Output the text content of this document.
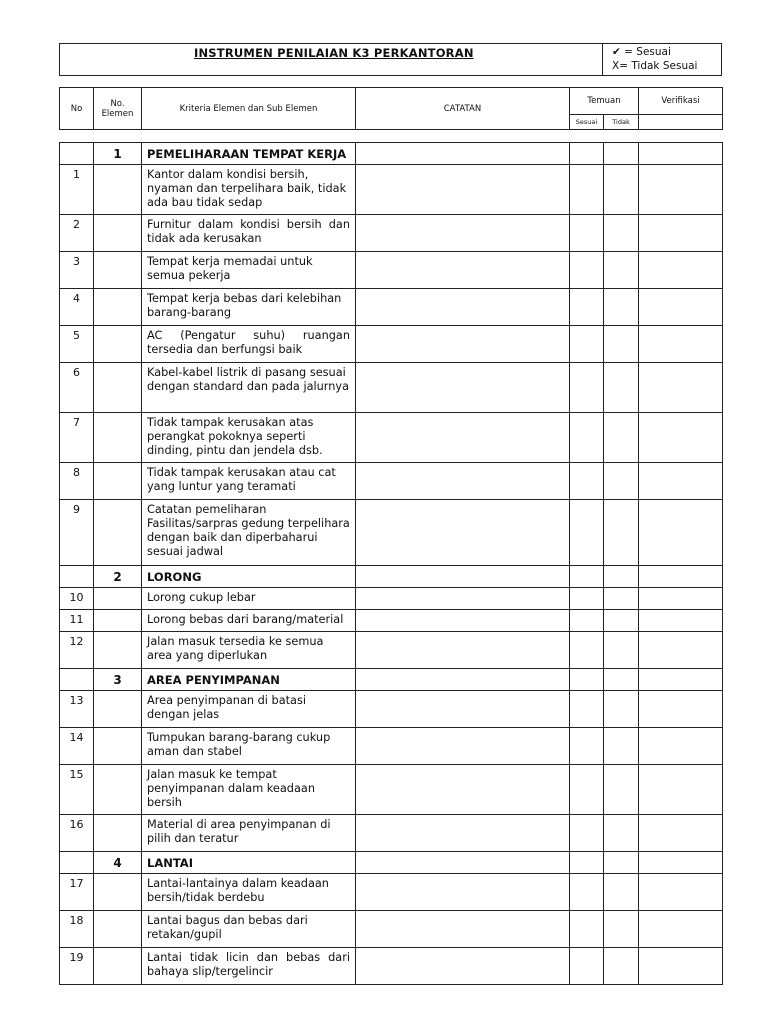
INSTRUMEN PENILAIAN K3 PERKANTORAN	✔ = Sesuai
X= Tidak Sesuai
No	No. Elemen	Kriteria Elemen dan Sub Elemen	CATATAN	Temuan		Verifikasi
				Sesuai	Tidak	
	1	PEMELIHARAAN TEMPAT KERJA				
1		Kantor dalam kondisi bersih, nyaman dan terpelihara baik, tidak ada bau tidak sedap				
2		Furnitur dalam kondisi bersih dan tidak ada kerusakan				
3		Tempat kerja memadai untuk semua pekerja				
4		Tempat kerja bebas dari kelebihan barang-barang				
5		AC (Pengatur suhu) ruangan tersedia dan berfungsi baik				
6		Kabel-kabel listrik di pasang sesuai dengan standard dan pada jalurnya				
7		Tidak tampak kerusakan atas perangkat pokoknya seperti dinding, pintu dan jendela dsb.				
8		Tidak tampak kerusakan atau cat yang luntur yang teramati				
9		Catatan pemeliharan Fasilitas/sarpras gedung terpelihara dengan baik dan diperbaharui sesuai jadwal				
	2	LORONG				
10		Lorong cukup lebar				
11		Lorong bebas dari barang/material				
12		Jalan masuk tersedia ke semua area yang diperlukan				
	3	AREA PENYIMPANAN				
13		Area penyimpanan di batasi dengan jelas				
14		Tumpukan barang-barang cukup aman dan stabel				
15		Jalan masuk ke tempat penyimpanan dalam keadaan bersih				
16		Material di area penyimpanan di pilih dan teratur				
	4	LANTAI				
17		Lantai-lantainya dalam keadaan bersih/tidak berdebu				
18		Lantai bagus dan bebas dari retakan/gupil				
19		Lantai tidak licin dan bebas dari bahaya slip/tergelincir				
